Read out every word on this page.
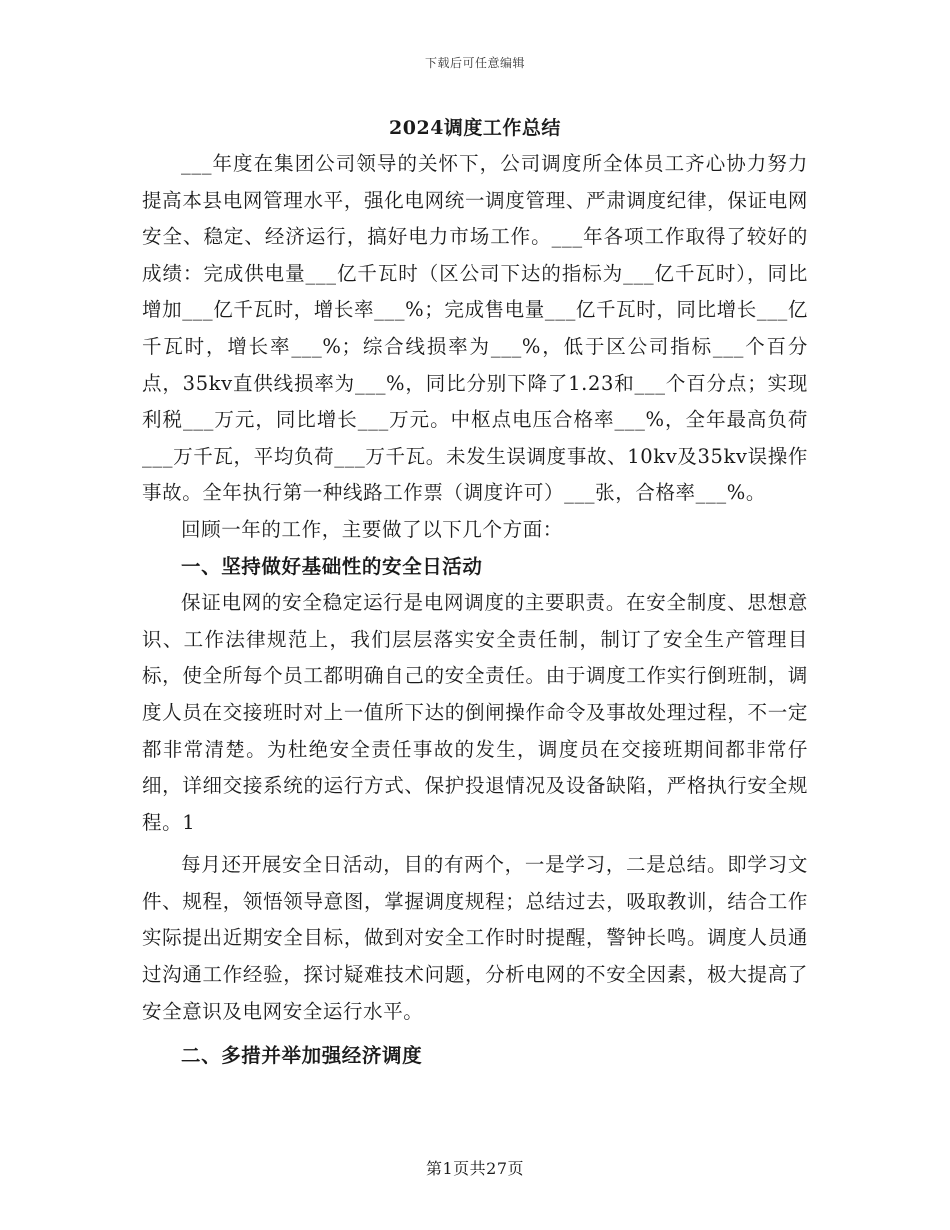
下载后可任意编辑
2024调度工作总结

___年度在集团公司领导的关怀下，公司调度所全体员工齐心协力努力提高本县电网管理水平，强化电网统一调度管理、严肃调度纪律，保证电网安全、稳定、经济运行，搞好电力市场工作。___年各项工作取得了较好的成绩：完成供电量___亿千瓦时（区公司下达的指标为___亿千瓦时），同比增加___亿千瓦时，增长率___%；完成售电量___亿千瓦时，同比增长___亿千瓦时，增长率___%；综合线损率为___%，低于区公司指标___个百分点，35kv直供线损率为___%，同比分别下降了1.23和___个百分点；实现利税___万元，同比增长___万元。中枢点电压合格率___%，全年最高负荷___万千瓦，平均负荷___万千瓦。未发生误调度事故、10kv及35kv误操作事故。全年执行第一种线路工作票（调度许可）___张，合格率___%。

回顾一年的工作，主要做了以下几个方面：

一、坚持做好基础性的安全日活动

保证电网的安全稳定运行是电网调度的主要职责。在安全制度、思想意识、工作法律规范上，我们层层落实安全责任制，制订了安全生产管理目标，使全所每个员工都明确自己的安全责任。由于调度工作实行倒班制，调度人员在交接班时对上一值所下达的倒闸操作命令及事故处理过程，不一定都非常清楚。为杜绝安全责任事故的发生，调度员在交接班期间都非常仔细，详细交接系统的运行方式、保护投退情况及设备缺陷，严格执行安全规程。1

每月还开展安全日活动，目的有两个，一是学习，二是总结。即学习文件、规程，领悟领导意图，掌握调度规程；总结过去，吸取教训，结合工作实际提出近期安全目标，做到对安全工作时时提醒，警钟长鸣。调度人员通过沟通工作经验，探讨疑难技术问题，分析电网的不安全因素，极大提高了安全意识及电网安全运行水平。

二、多措并举加强经济调度

第1页共27页
